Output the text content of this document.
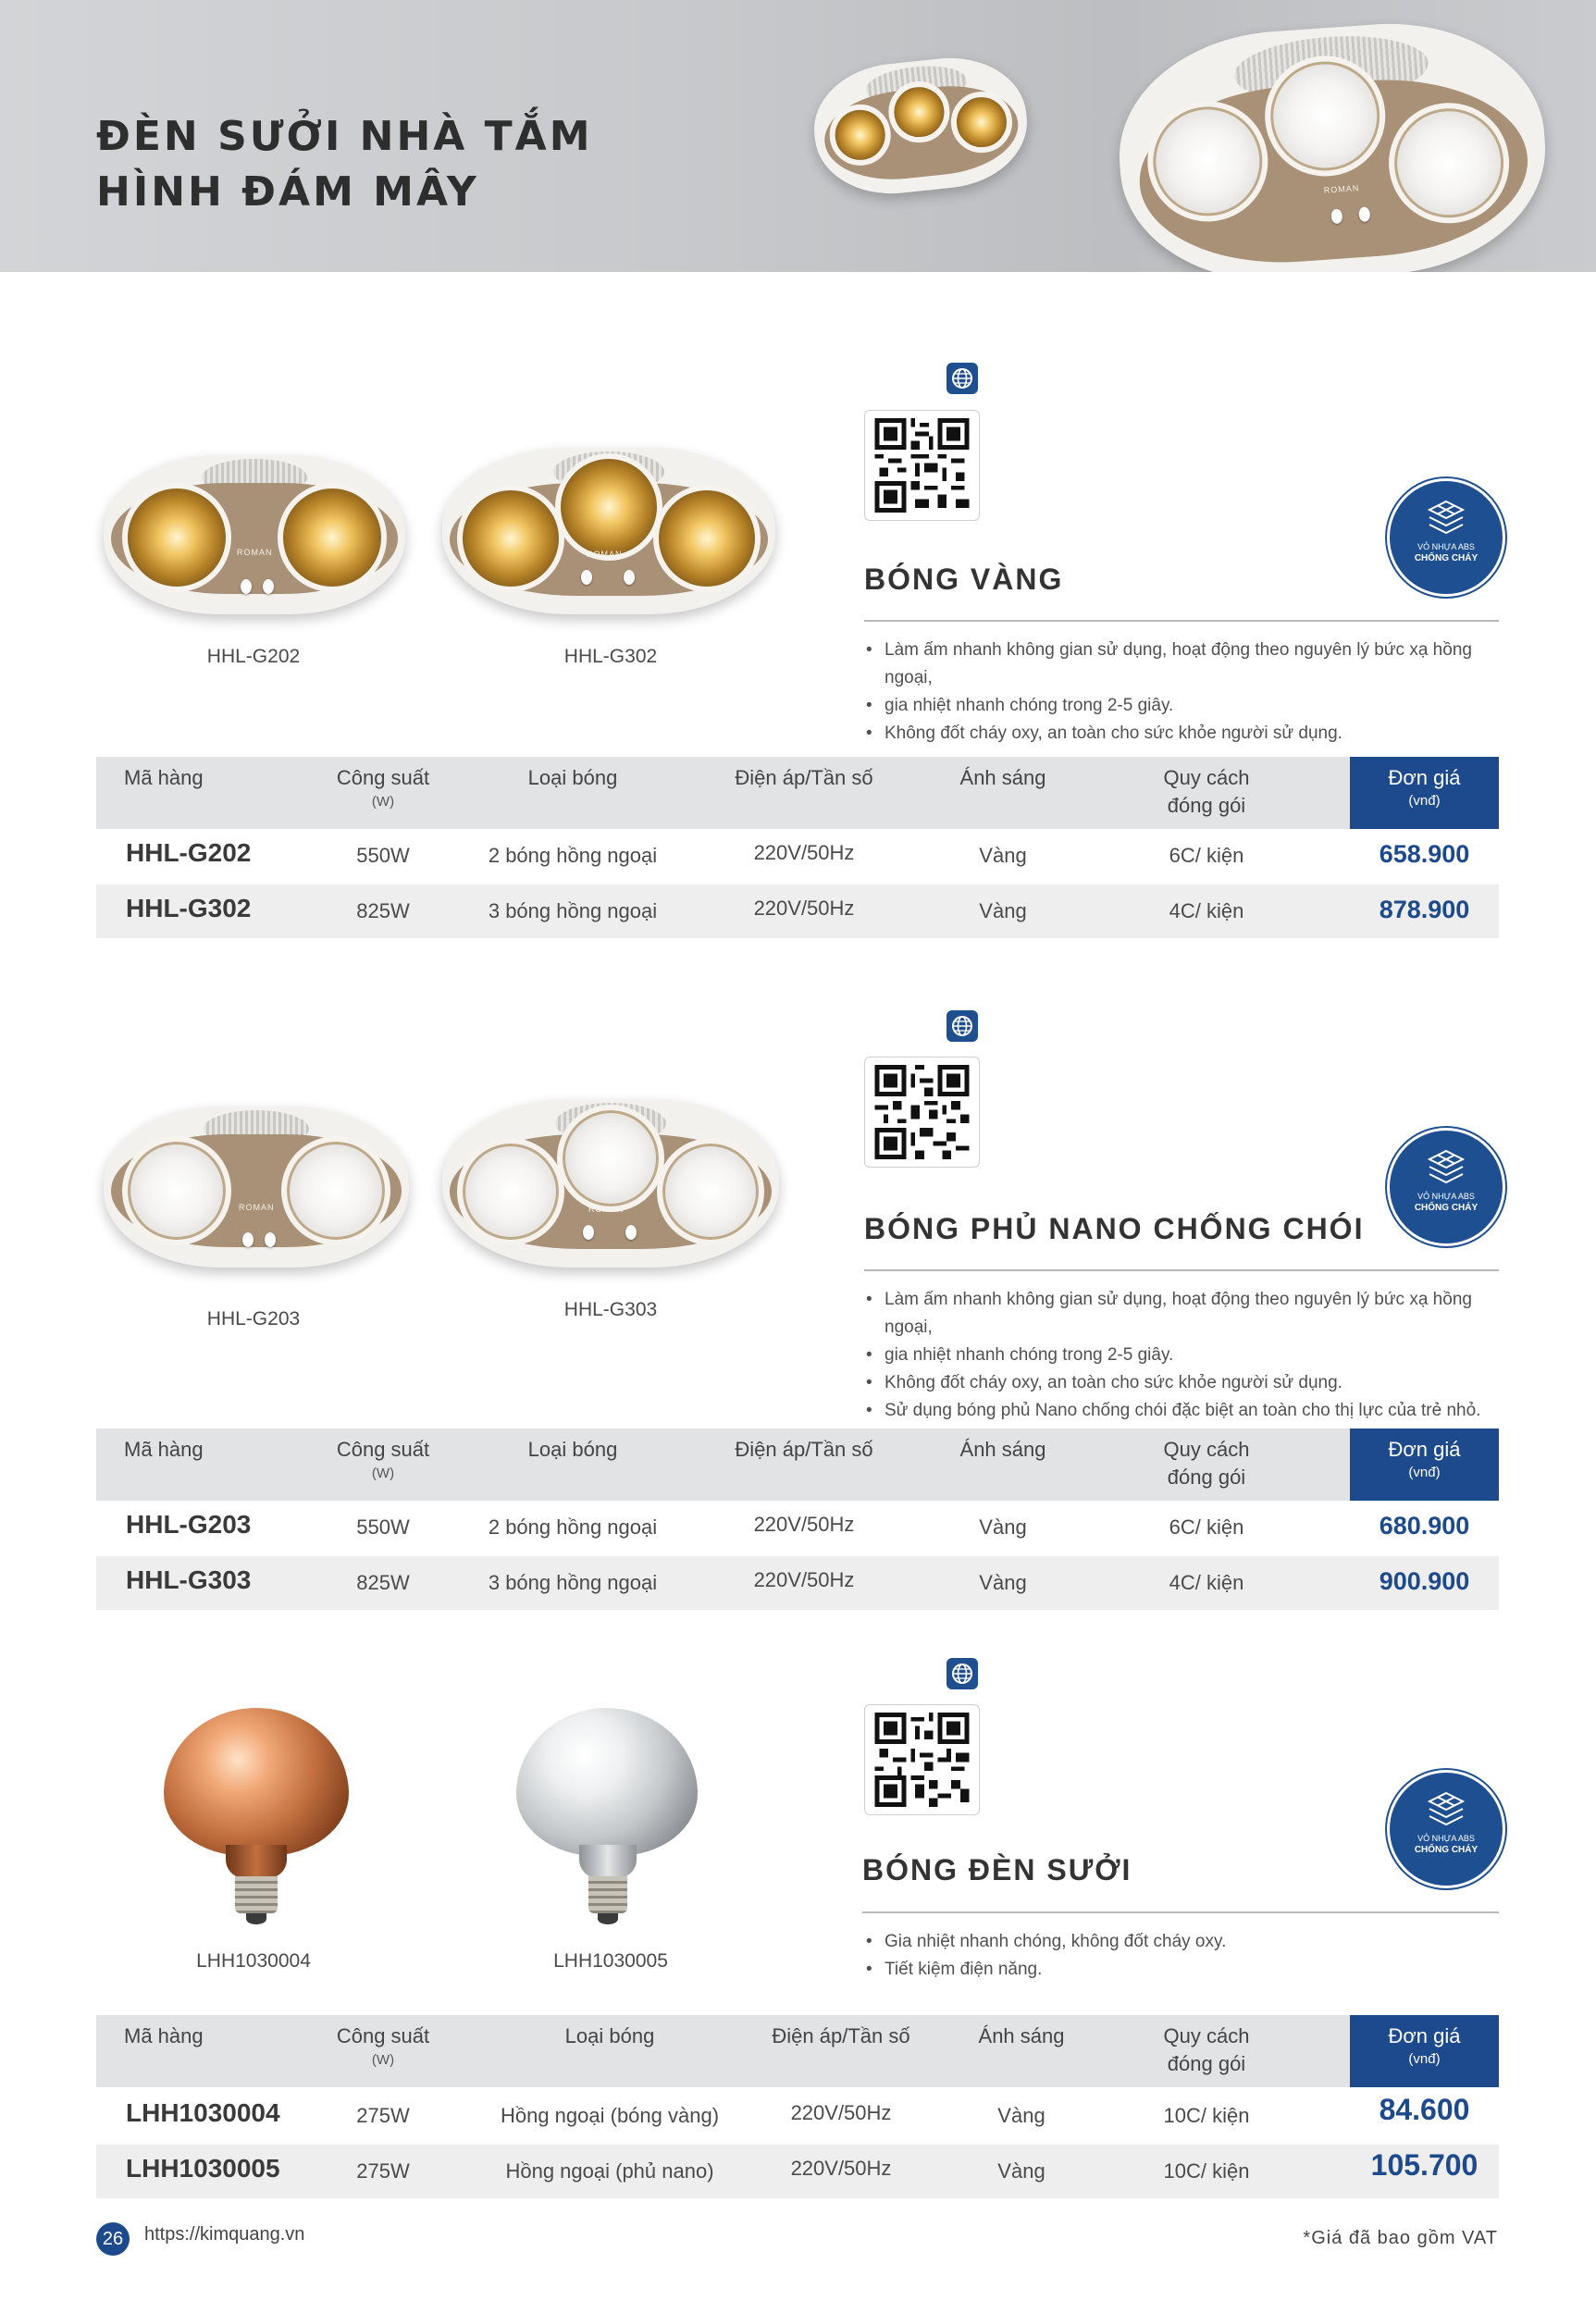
ĐÈN SƯỞI NHÀ TẮM
HÌNH ĐÁM MÂY	ROMAN
ROMAN	ROMAN
HHL-G202	HHL-G302
VỎ NHỰA ABS
CHỐNG CHÁY
BÓNG VÀNG
• Làm ấm nhanh không gian sử dụng, hoạt động theo nguyên lý bức xạ hồng ngoại,
• gia nhiệt nhanh chóng trong 2-5 giây.
• Không đốt cháy oxy, an toàn cho sức khỏe người sử dụng.
Mã hàng	Công suất
(W)
Loại bóng	Điện áp/Tần số	Ánh sáng	Quy cách
đóng gói
Đơn giá
(vnđ)
HHL-G202	550W	2 bóng hồng ngoại	220V/50Hz	Vàng	6C/ kiện	658.900
HHL-G302	825W	3 bóng hồng ngoại	220V/50Hz	Vàng	4C/ kiện	878.900
ROMAN	ROMAN
HHL-G203	HHL-G303
VỎ NHỰA ABS
CHỐNG CHÁY
BÓNG PHỦ NANO CHỐNG CHÓI
• Làm ấm nhanh không gian sử dụng, hoạt động theo nguyên lý bức xạ hồng ngoại,
• gia nhiệt nhanh chóng trong 2-5 giây.
• Không đốt cháy oxy, an toàn cho sức khỏe người sử dụng.
• Sử dụng bóng phủ Nano chống chói đặc biệt an toàn cho thị lực của trẻ nhỏ.
Mã hàng	Công suất
(W)
Loại bóng	Điện áp/Tần số	Ánh sáng	Quy cách
đóng gói
Đơn giá
(vnđ)
HHL-G203	550W	2 bóng hồng ngoại	220V/50Hz	Vàng	6C/ kiện	680.900
HHL-G303	825W	3 bóng hồng ngoại	220V/50Hz	Vàng	4C/ kiện	900.900
LHH1030004	LHH1030005
VỎ NHỰA ABS
CHỐNG CHÁY
BÓNG ĐÈN SƯỞI
• Gia nhiệt nhanh chóng, không đốt cháy oxy.
• Tiết kiệm điện năng.
Mã hàng	Công suất
(W)
Loại bóng	Điện áp/Tần số	Ánh sáng	Quy cách
đóng gói
Đơn giá
(vnđ)
LHH1030004	275W	Hồng ngoại (bóng vàng)	220V/50Hz	Vàng	10C/ kiện	84.600
LHH1030005	275W	Hồng ngoại (phủ nano)	220V/50Hz	Vàng	10C/ kiện	105.700
26	https://kimquang.vn	*Giá đã bao gồm VAT
